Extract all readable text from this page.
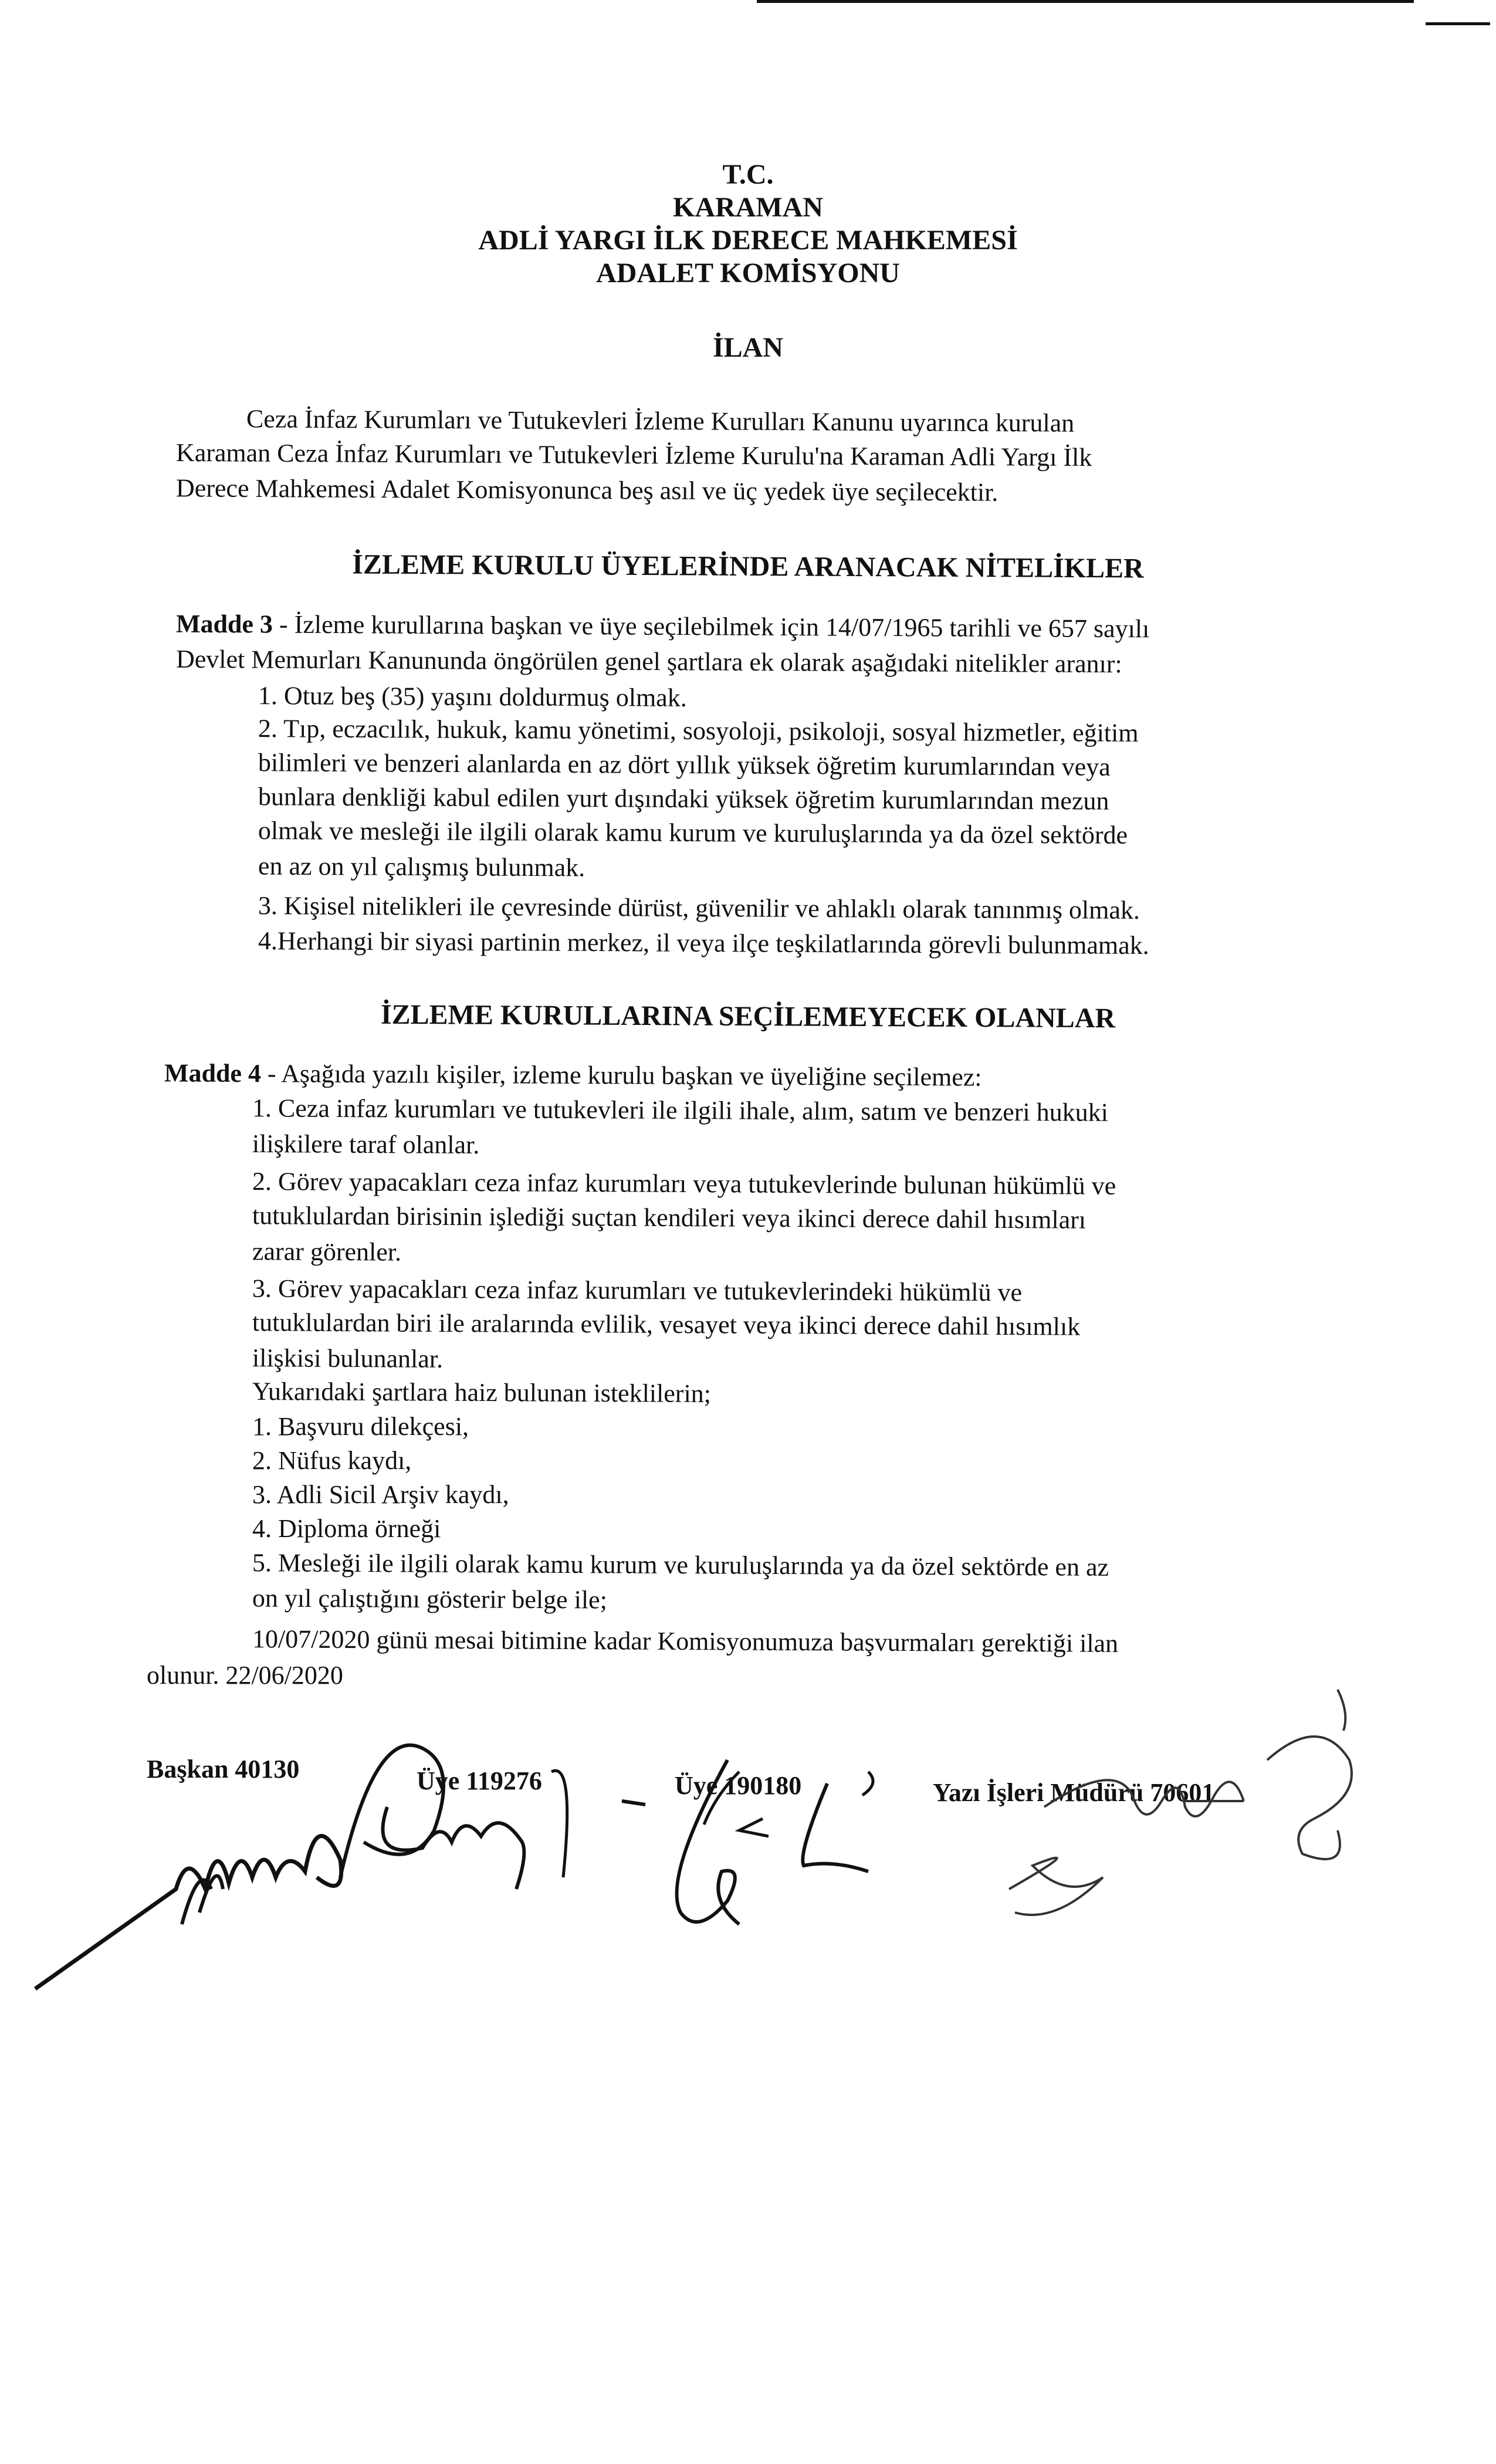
T.C.
KARAMAN
ADLİ YARGI İLK DERECE MAHKEMESİ
ADALET KOMİSYONU
İLAN
Ceza İnfaz Kurumları ve Tutukevleri İzleme Kurulları Kanunu uyarınca kurulan
Karaman Ceza İnfaz Kurumları ve Tutukevleri İzleme Kurulu'na Karaman Adli Yargı İlk
Derece Mahkemesi Adalet Komisyonunca beş asıl ve üç yedek üye seçilecektir.
İZLEME KURULU ÜYELERİNDE ARANACAK NİTELİKLER
Madde 3 - İzleme kurullarına başkan ve üye seçilebilmek için 14/07/1965 tarihli ve 657 sayılı
Devlet Memurları Kanununda öngörülen genel şartlara ek olarak aşağıdaki nitelikler aranır:
1. Otuz beş (35) yaşını doldurmuş olmak.
2. Tıp, eczacılık, hukuk, kamu yönetimi, sosyoloji, psikoloji, sosyal hizmetler, eğitim
bilimleri ve benzeri alanlarda en az dört yıllık yüksek öğretim kurumlarından veya
bunlara denkliği kabul edilen yurt dışındaki yüksek öğretim kurumlarından mezun
olmak ve mesleği ile ilgili olarak kamu kurum ve kuruluşlarında ya da özel sektörde
en az on yıl çalışmış bulunmak.
3. Kişisel nitelikleri ile çevresinde dürüst, güvenilir ve ahlaklı olarak tanınmış olmak.
4.Herhangi bir siyasi partinin merkez, il veya ilçe teşkilatlarında görevli bulunmamak.
İZLEME KURULLARINA SEÇİLEMEYECEK OLANLAR
Madde 4 - Aşağıda yazılı kişiler, izleme kurulu başkan ve üyeliğine seçilemez:
1. Ceza infaz kurumları ve tutukevleri ile ilgili ihale, alım, satım ve benzeri hukuki
ilişkilere taraf olanlar.
2. Görev yapacakları ceza infaz kurumları veya tutukevlerinde bulunan hükümlü ve
tutuklulardan birisinin işlediği suçtan kendileri veya ikinci derece dahil hısımları
zarar görenler.
3. Görev yapacakları ceza infaz kurumları ve tutukevlerindeki hükümlü ve
tutuklulardan biri ile aralarında evlilik, vesayet veya ikinci derece dahil hısımlık
ilişkisi bulunanlar.
Yukarıdaki şartlara haiz bulunan isteklilerin;
1. Başvuru dilekçesi,
2. Nüfus kaydı,
3. Adli Sicil Arşiv kaydı,
4. Diploma örneği
5. Mesleği ile ilgili olarak kamu kurum ve kuruluşlarında ya da özel sektörde en az
on yıl çalıştığını gösterir belge ile;
10/07/2020 günü mesai bitimine kadar Komisyonumuza başvurmaları gerektiği ilan
olunur. 22/06/2020
Başkan 40130	Üye 119276	Üye 190180	Yazı İşleri Müdürü 70601
